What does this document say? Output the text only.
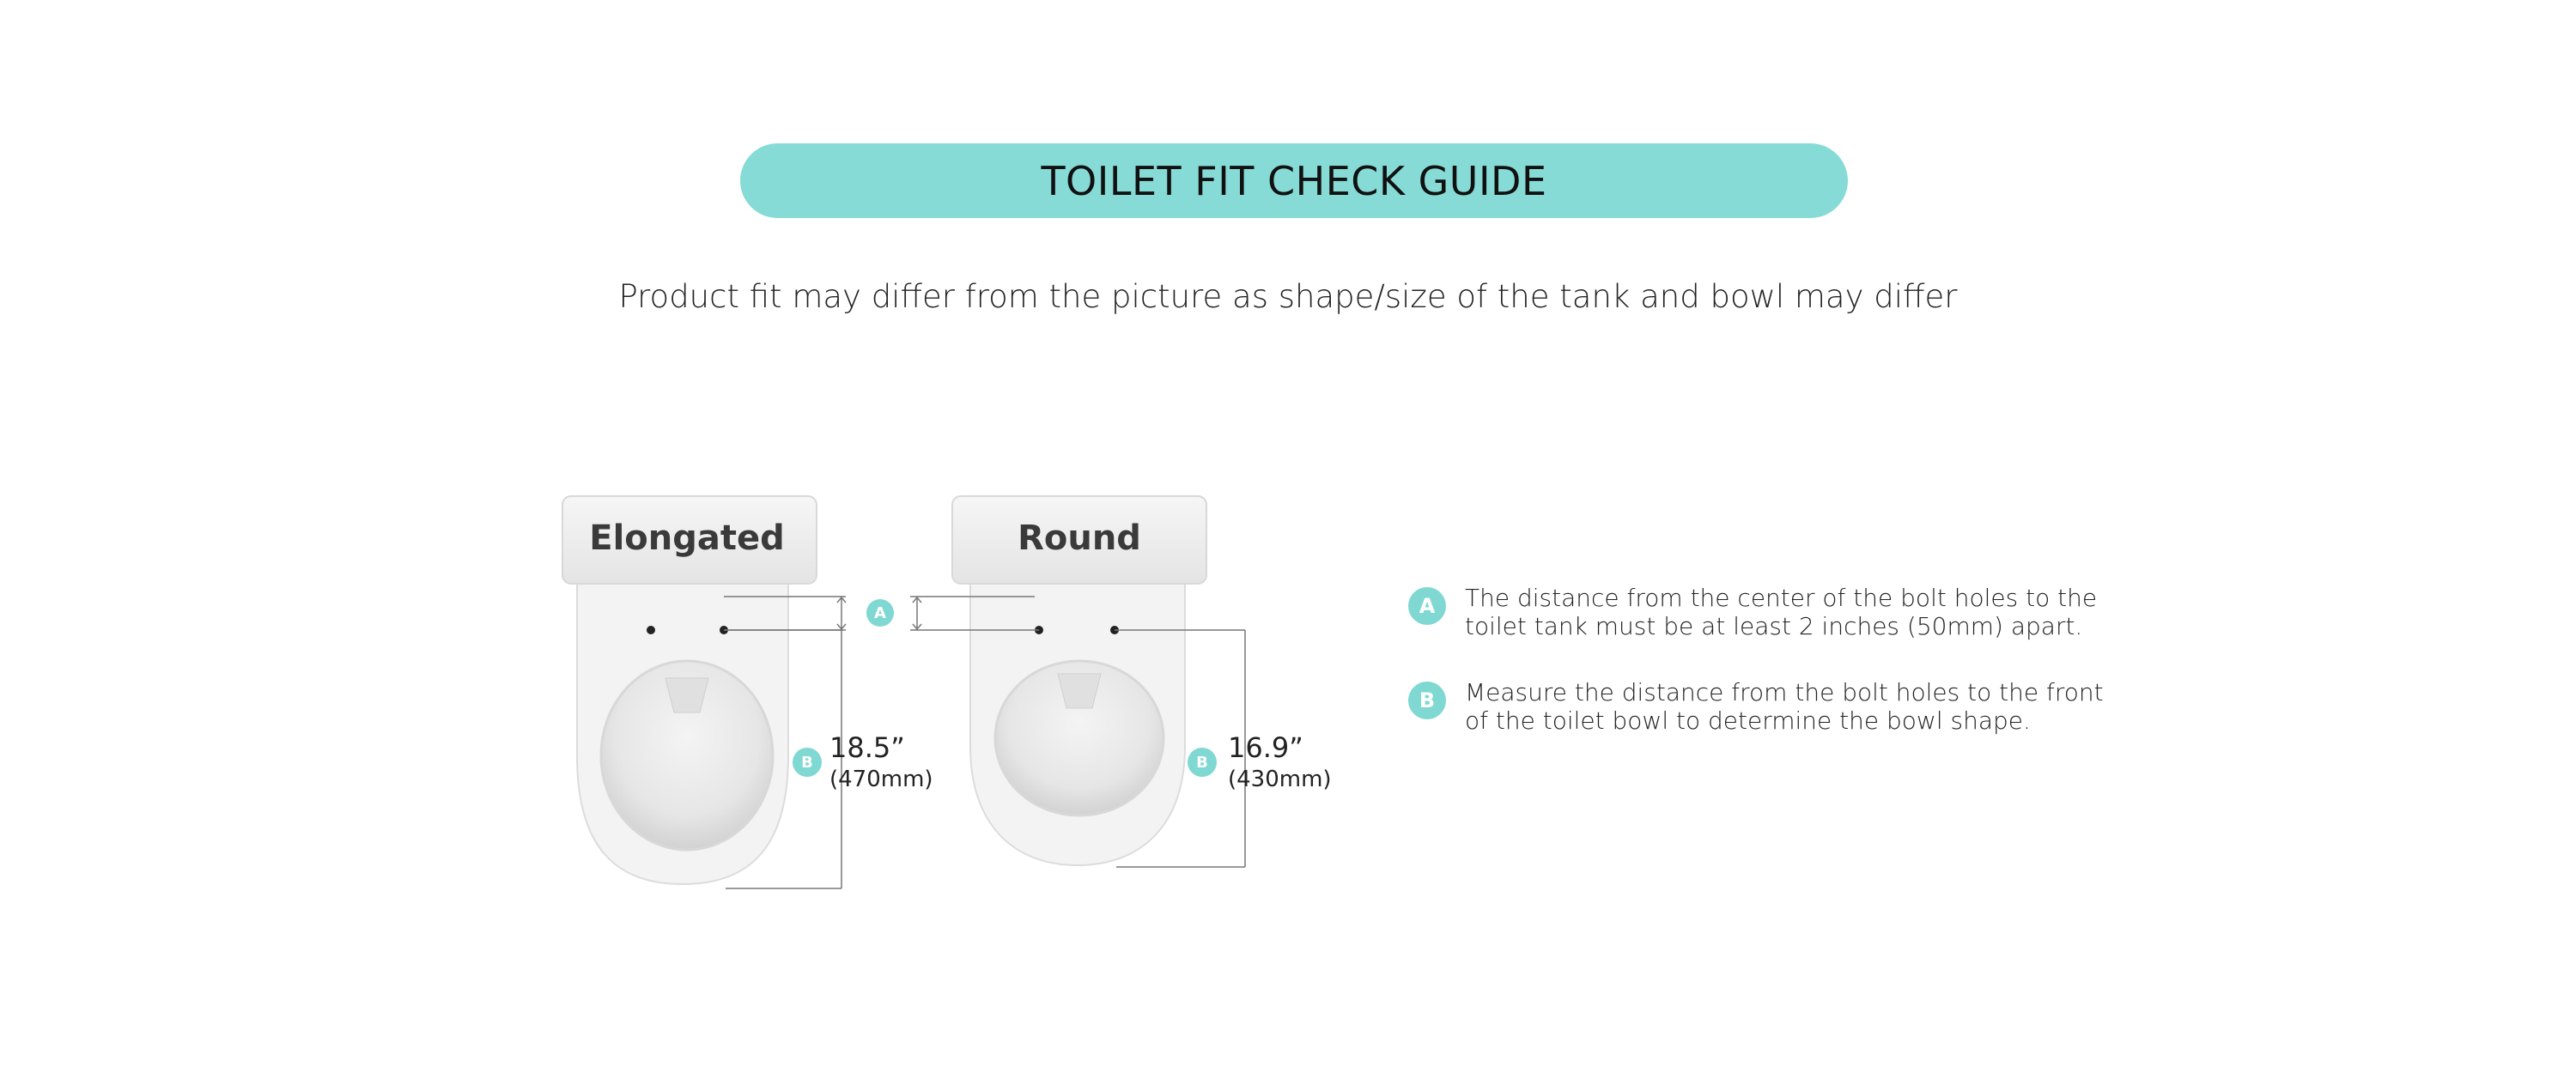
TOILET FIT CHECK GUIDE
Product fit may differ from the picture as shape/size of the tank and bowl may differ
Elongated	Round
A
B 18.5”
(470mm)
B 16.9”
(430mm)
A	The distance from the center of the bolt holes to the toilet tank must be at least 2 inches (50mm) apart.
B	Measure the distance from the bolt holes to the front of the toilet bowl to determine the bowl shape.
